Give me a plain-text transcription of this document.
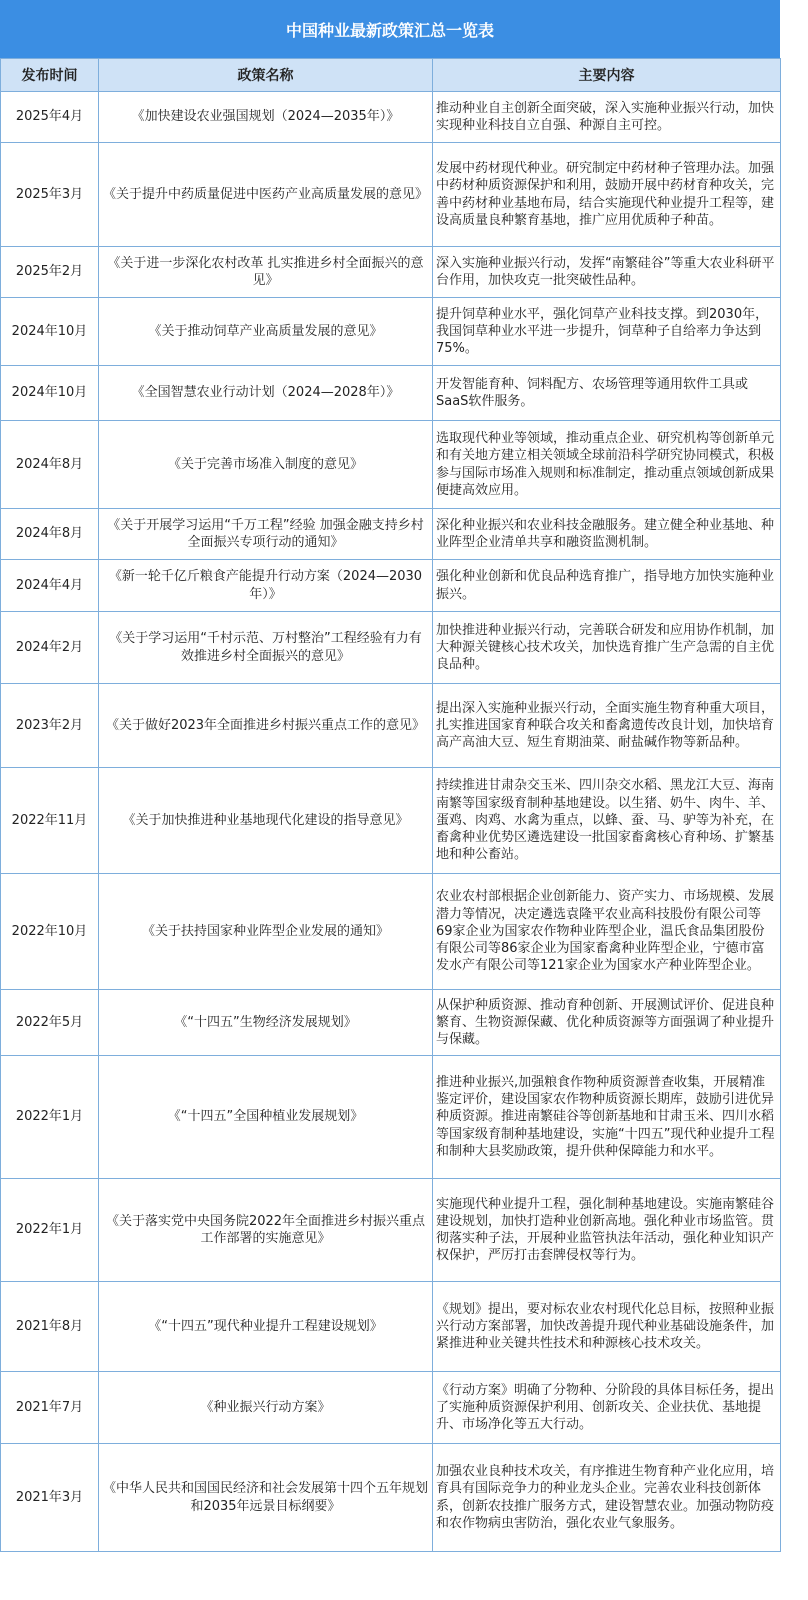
中国种业最新政策汇总一览表
发布时间	政策名称	主要内容
2025年4月	《加快建设农业强国规划（2024—2035年）》	推动种业自主创新全面突破，深入实施种业振兴行动，加快实现种业科技自立自强、种源自主可控。
2025年3月	《关于提升中药质量促进中医药产业高质量发展的意见》	发展中药材现代种业。研究制定中药材种子管理办法。加强中药材种质资源保护和利用，鼓励开展中药材育种攻关，完善中药材种业基地布局，结合实施现代种业提升工程等，建设高质量良种繁育基地，推广应用优质种子种苗。
2025年2月	《关于进一步深化农村改革 扎实推进乡村全面振兴的意见》	深入实施种业振兴行动，发挥“南繁硅谷”等重大农业科研平台作用，加快攻克一批突破性品种。
2024年10月	《关于推动饲草产业高质量发展的意见》	提升饲草种业水平，强化饲草产业科技支撑。到2030年，我国饲草种业水平进一步提升，饲草种子自给率力争达到75%。
2024年10月	《全国智慧农业行动计划（2024—2028年）》	开发智能育种、饲料配方、农场管理等通用软件工具或SaaS软件服务。
2024年8月	《关于完善市场准入制度的意见》	选取现代种业等领域，推动重点企业、研究机构等创新单元和有关地方建立相关领域全球前沿科学研究协同模式，积极参与国际市场准入规则和标准制定，推动重点领域创新成果便捷高效应用。
2024年8月	《关于开展学习运用“千万工程”经验 加强金融支持乡村全面振兴专项行动的通知》	深化种业振兴和农业科技金融服务。建立健全种业基地、种业阵型企业清单共享和融资监测机制。
2024年4月	《新一轮千亿斤粮食产能提升行动方案（2024—2030年）》	强化种业创新和优良品种选育推广，指导地方加快实施种业振兴。
2024年2月	《关于学习运用“千村示范、万村整治”工程经验有力有效推进乡村全面振兴的意见》	加快推进种业振兴行动，完善联合研发和应用协作机制，加大种源关键核心技术攻关，加快选育推广生产急需的自主优良品种。
2023年2月	《关于做好2023年全面推进乡村振兴重点工作的意见》	提出深入实施种业振兴行动，全面实施生物育种重大项目，扎实推进国家育种联合攻关和畜禽遗传改良计划，加快培育高产高油大豆、短生育期油菜、耐盐碱作物等新品种。
2022年11月	《关于加快推进种业基地现代化建设的指导意见》	持续推进甘肃杂交玉米、四川杂交水稻、黑龙江大豆、海南南繁等国家级育制种基地建设。以生猪、奶牛、肉牛、羊、蛋鸡、肉鸡、水禽为重点，以蜂、蚕、马、驴等为补充，在畜禽种业优势区遴选建设一批国家畜禽核心育种场、扩繁基地和种公畜站。
2022年10月	《关于扶持国家种业阵型企业发展的通知》	农业农村部根据企业创新能力、资产实力、市场规模、发展潜力等情况，决定遴选袁隆平农业高科技股份有限公司等69家企业为国家农作物种业阵型企业，温氏食品集团股份有限公司等86家企业为国家畜禽种业阵型企业，宁德市富发水产有限公司等121家企业为国家水产种业阵型企业。
2022年5月	《“十四五”生物经济发展规划》	从保护种质资源、推动育种创新、开展测试评价、促进良种繁育、生物资源保藏、优化种质资源等方面强调了种业提升与保藏。
2022年1月	《“十四五”全国种植业发展规划》	推进种业振兴,加强粮食作物种质资源普查收集，开展精准鉴定评价，建设国家农作物种质资源长期库，鼓励引进优异种质资源。推进南繁硅谷等创新基地和甘肃玉米、四川水稻等国家级育制种基地建设，实施“十四五”现代种业提升工程和制种大县奖励政策，提升供种保障能力和水平。
2022年1月	《关于落实党中央国务院2022年全面推进乡村振兴重点工作部署的实施意见》	实施现代种业提升工程，强化制种基地建设。实施南繁硅谷建设规划，加快打造种业创新高地。强化种业市场监管。贯彻落实种子法，开展种业监管执法年活动，强化种业知识产权保护，严厉打击套牌侵权等行为。
2021年8月	《“十四五”现代种业提升工程建设规划》	《规划》提出，要对标农业农村现代化总目标，按照种业振兴行动方案部署，加快改善提升现代种业基础设施条件，加紧推进种业关键共性技术和种源核心技术攻关。
2021年7月	《种业振兴行动方案》	《行动方案》明确了分物种、分阶段的具体目标任务，提出了实施种质资源保护利用、创新攻关、企业扶优、基地提升、市场净化等五大行动。
2021年3月	《中华人民共和国国民经济和社会发展第十四个五年规划和2035年远景目标纲要》	加强农业良种技术攻关，有序推进生物育种产业化应用，培育具有国际竞争力的种业龙头企业。完善农业科技创新体系，创新农技推广服务方式，建设智慧农业。加强动物防疫和农作物病虫害防治，强化农业气象服务。
